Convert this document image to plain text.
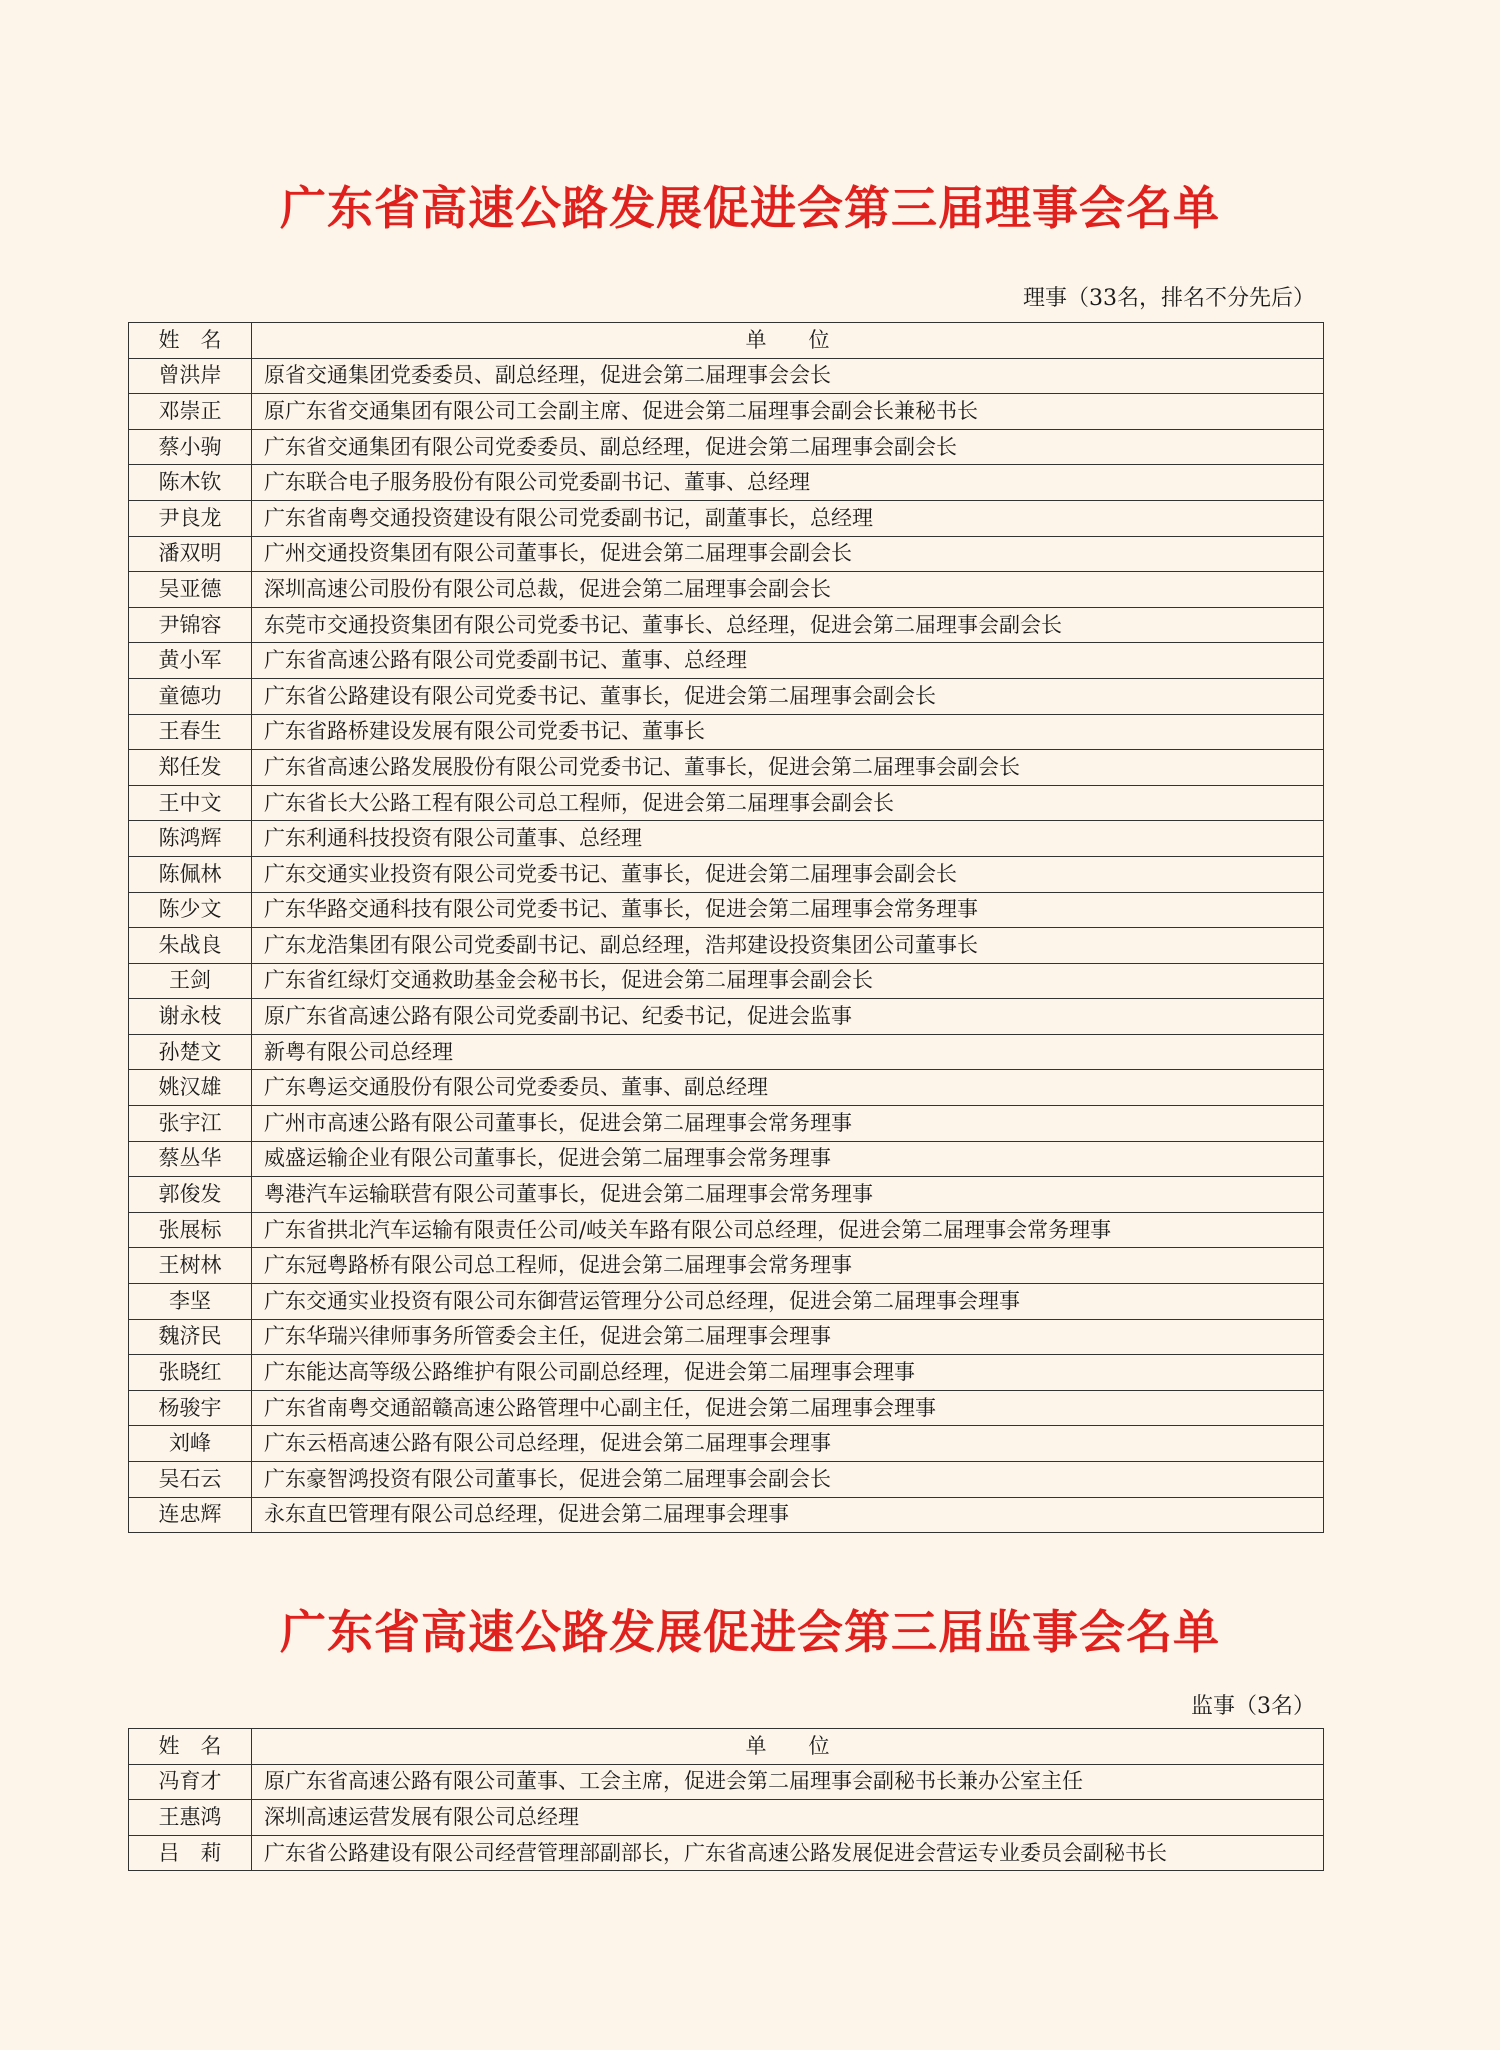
广东省高速公路发展促进会第三届理事会名单
理事（33名，排名不分先后）
姓　名	单　　位
曾洪岸	原省交通集团党委委员、副总经理，促进会第二届理事会会长
邓崇正	原广东省交通集团有限公司工会副主席、促进会第二届理事会副会长兼秘书长
蔡小驹	广东省交通集团有限公司党委委员、副总经理，促进会第二届理事会副会长
陈木钦	广东联合电子服务股份有限公司党委副书记、董事、总经理
尹良龙	广东省南粤交通投资建设有限公司党委副书记，副董事长，总经理
潘双明	广州交通投资集团有限公司董事长，促进会第二届理事会副会长
吴亚德	深圳高速公司股份有限公司总裁，促进会第二届理事会副会长
尹锦容	东莞市交通投资集团有限公司党委书记、董事长、总经理，促进会第二届理事会副会长
黄小军	广东省高速公路有限公司党委副书记、董事、总经理
童德功	广东省公路建设有限公司党委书记、董事长，促进会第二届理事会副会长
王春生	广东省路桥建设发展有限公司党委书记、董事长
郑任发	广东省高速公路发展股份有限公司党委书记、董事长，促进会第二届理事会副会长
王中文	广东省长大公路工程有限公司总工程师，促进会第二届理事会副会长
陈鸿辉	广东利通科技投资有限公司董事、总经理
陈佩林	广东交通实业投资有限公司党委书记、董事长，促进会第二届理事会副会长
陈少文	广东华路交通科技有限公司党委书记、董事长，促进会第二届理事会常务理事
朱战良	广东龙浩集团有限公司党委副书记、副总经理，浩邦建设投资集团公司董事长
王剑	广东省红绿灯交通救助基金会秘书长，促进会第二届理事会副会长
谢永枝	原广东省高速公路有限公司党委副书记、纪委书记，促进会监事
孙楚文	新粤有限公司总经理
姚汉雄	广东粤运交通股份有限公司党委委员、董事、副总经理
张宇江	广州市高速公路有限公司董事长，促进会第二届理事会常务理事
蔡丛华	威盛运输企业有限公司董事长，促进会第二届理事会常务理事
郭俊发	粤港汽车运输联营有限公司董事长，促进会第二届理事会常务理事
张展标	广东省拱北汽车运输有限责任公司/岐关车路有限公司总经理，促进会第二届理事会常务理事
王树林	广东冠粤路桥有限公司总工程师，促进会第二届理事会常务理事
李坚	广东交通实业投资有限公司东御营运管理分公司总经理，促进会第二届理事会理事
魏济民	广东华瑞兴律师事务所管委会主任，促进会第二届理事会理事
张晓红	广东能达高等级公路维护有限公司副总经理，促进会第二届理事会理事
杨骏宇	广东省南粤交通韶赣高速公路管理中心副主任，促进会第二届理事会理事
刘峰	广东云梧高速公路有限公司总经理，促进会第二届理事会理事
吴石云	广东豪智鸿投资有限公司董事长，促进会第二届理事会副会长
连忠辉	永东直巴管理有限公司总经理，促进会第二届理事会理事
广东省高速公路发展促进会第三届监事会名单
监事（3名）
姓　名	单　　位
冯育才	原广东省高速公路有限公司董事、工会主席，促进会第二届理事会副秘书长兼办公室主任
王惠鸿	深圳高速运营发展有限公司总经理
吕　莉	广东省公路建设有限公司经营管理部副部长，广东省高速公路发展促进会营运专业委员会副秘书长
